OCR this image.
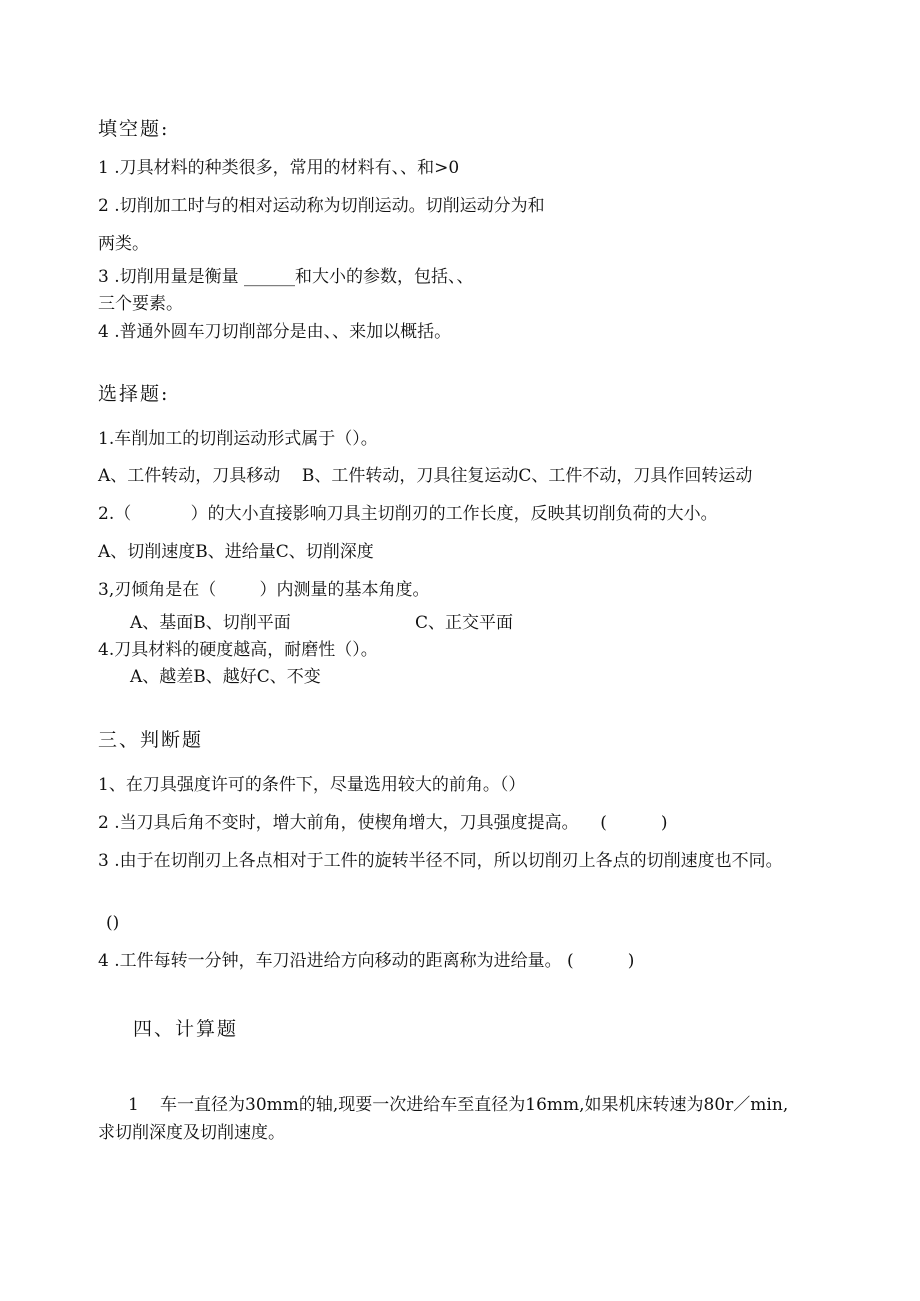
填空题:
1 .刀具材料的种类很多，常用的材料有、、和>0
2 .切削加工时与的相对运动称为切削运动。切削运动分为和
两类。
3 .切削用量是衡量 ______和大小的参数，包括、、
三个要素。
4 .普通外圆车刀切削部分是由、、来加以概括。
选择题:
1.车削加工的切削运动形式属于（）。
A、工件转动，刀具移动    B、工件转动，刀具往复运动C、工件不动，刀具作回转运动
2.（           ）的大小直接影响刀具主切削刃的工作长度，反映其切削负荷的大小。
A、切削速度B、进给量C、切削深度
3,刃倾角是在（        ）内测量的基本角度。
A、基面B、切削平面	C、正交平面
4.刀具材料的硬度越高，耐磨性（）。
A、越差B、越好C、不变
三、判断题
1、在刀具强度许可的条件下，尽量选用较大的前角。（）
2 .当刀具后角不变时，增大前角，使楔角增大，刀具强度提高。    (          )
3 .由于在切削刃上各点相对于工件的旋转半径不同，所以切削刃上各点的切削速度也不同。
()
4 .工件每转一分钟，车刀沿进给方向移动的距离称为进给量。 (          )
四、计算题
1 车一直径为30mm的轴,现要一次进给车至直径为16mm,如果机床转速为80r／min,
求切削深度及切削速度。
